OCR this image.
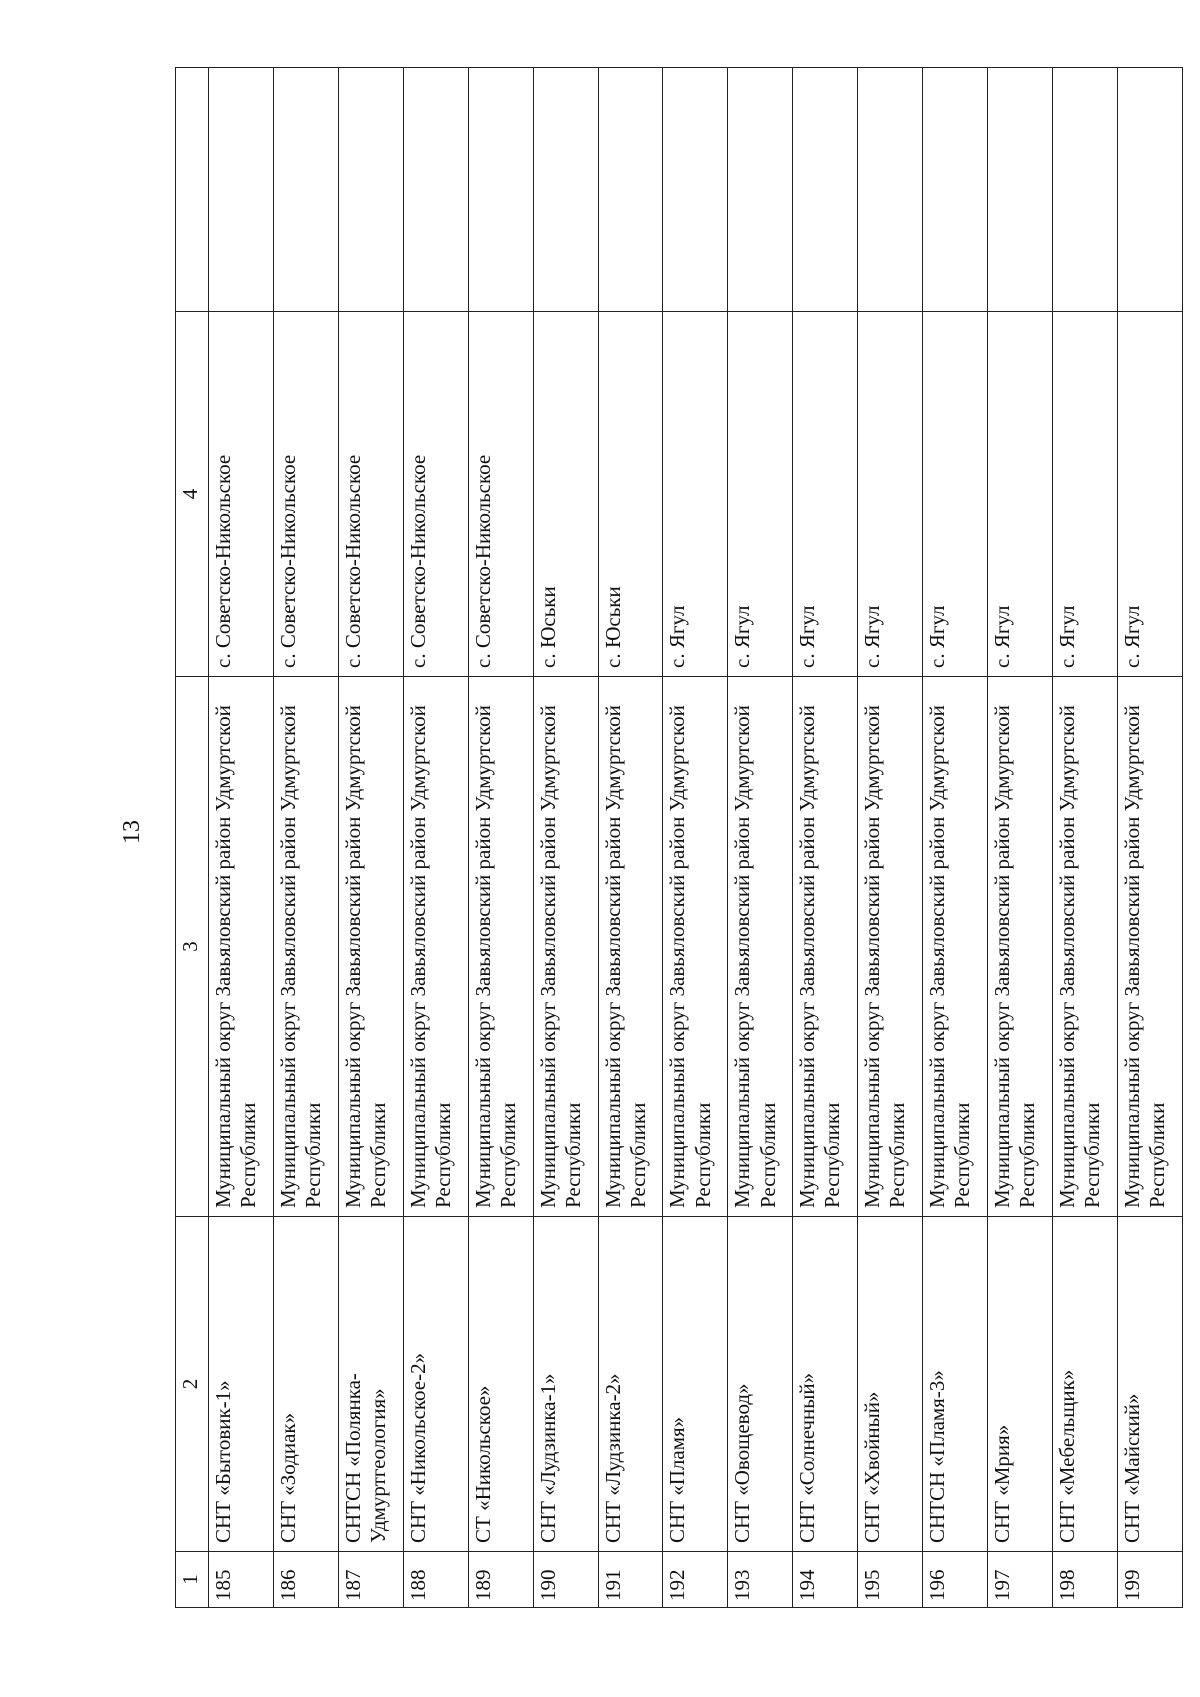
13
1	2	3	4	
185	СНТ «Бытовик-1»	Муниципальный округ Завьяловский район Удмуртской Республики	с. Советско-Никольское	
186	СНТ «Зодиак»	Муниципальный округ Завьяловский район Удмуртской Республики	с. Советско-Никольское	
187	СНТСН «Полянка-Удмуртгеология»	Муниципальный округ Завьяловский район Удмуртской Республики	с. Советско-Никольское	
188	СНТ «Никольское-2»	Муниципальный округ Завьяловский район Удмуртской Республики	с. Советско-Никольское	
189	СТ «Никольское»	Муниципальный округ Завьяловский район Удмуртской Республики	с. Советско-Никольское	
190	СНТ «Лудзинка-1»	Муниципальный округ Завьяловский район Удмуртской Республики	с. Юськи	
191	СНТ «Лудзинка-2»	Муниципальный округ Завьяловский район Удмуртской Республики	с. Юськи	
192	СНТ «Пламя»	Муниципальный округ Завьяловский район Удмуртской Республики	с. Ягул	
193	СНТ «Овощевод»	Муниципальный округ Завьяловский район Удмуртской Республики	с. Ягул	
194	СНТ «Солнечный»	Муниципальный округ Завьяловский район Удмуртской Республики	с. Ягул	
195	СНТ «Хвойный»	Муниципальный округ Завьяловский район Удмуртской Республики	с. Ягул	
196	СНТСН «Пламя-3»	Муниципальный округ Завьяловский район Удмуртской Республики	с. Ягул	
197	СНТ «Мрия»	Муниципальный округ Завьяловский район Удмуртской Республики	с. Ягул	
198	СНТ «Мебельщик»	Муниципальный округ Завьяловский район Удмуртской Республики	с. Ягул	
199	СНТ «Майский»	Муниципальный округ Завьяловский район Удмуртской Республики	с. Ягул	
